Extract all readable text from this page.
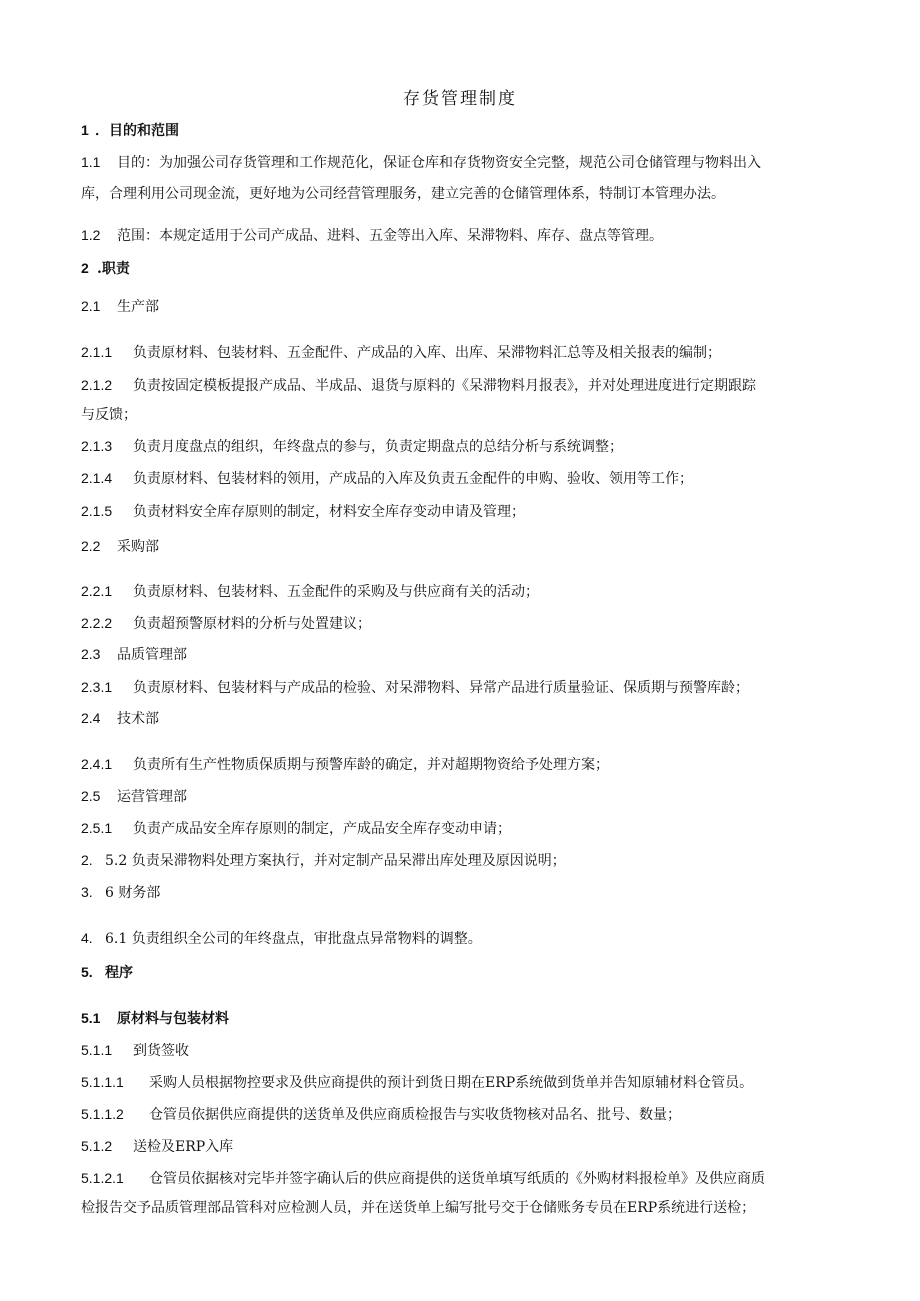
存货管理制度
1 ．目的和范围
1.1 目的：为加强公司存货管理和工作规范化，保证仓库和存货物资安全完整，规范公司仓储管理与物料出入
库，合理利用公司现金流，更好地为公司经营管理服务，建立完善的仓储管理体系，特制订本管理办法。
1.2 范围：本规定适用于公司产成品、进料、五金等出入库、呆滞物料、库存、盘点等管理。
2 .职责
2.1 生产部
2.1.1 负责原材料、包装材料、五金配件、产成品的入库、出库、呆滞物料汇总等及相关报表的编制；
2.1.2 负责按固定模板提报产成品、半成品、退货与原料的《呆滞物料月报表》，并对处理进度进行定期跟踪
与反馈；
2.1.3 负责月度盘点的组织，年终盘点的参与，负责定期盘点的总结分析与系统调整；
2.1.4 负责原材料、包装材料的领用，产成品的入库及负责五金配件的申购、验收、领用等工作；
2.1.5 负责材料安全库存原则的制定，材料安全库存变动申请及管理；
2.2 采购部
2.2.1 负责原材料、包装材料、五金配件的采购及与供应商有关的活动；
2.2.2 负责超预警原材料的分析与处置建议；
2.3 品质管理部
2.3.1 负责原材料、包装材料与产成品的检验、对呆滞物料、异常产品进行质量验证、保质期与预警库龄；
2.4 技术部
2.4.1 负责所有生产性物质保质期与预警库龄的确定，并对超期物资给予处理方案；
2.5 运营管理部
2.5.1 负责产成品安全库存原则的制定，产成品安全库存变动申请；
2. 5.2 负责呆滞物料处理方案执行，并对定制产品呆滞出库处理及原因说明；
3. 6 财务部
4. 6.1 负责组织全公司的年终盘点，审批盘点异常物料的调整。
5. 程序
5.1 原材料与包装材料
5.1.1 到货签收
5.1.1.1 采购人员根据物控要求及供应商提供的预计到货日期在ERP系统做到货单并告知原辅材料仓管员。
5.1.1.2 仓管员依据供应商提供的送货单及供应商质检报告与实收货物核对品名、批号、数量；
5.1.2 送检及ERP入库
5.1.2.1 仓管员依据核对完毕并签字确认后的供应商提供的送货单填写纸质的《外购材料报检单》及供应商质
检报告交予品质管理部品管科对应检测人员，并在送货单上编写批号交于仓储账务专员在ERP系统进行送检；
